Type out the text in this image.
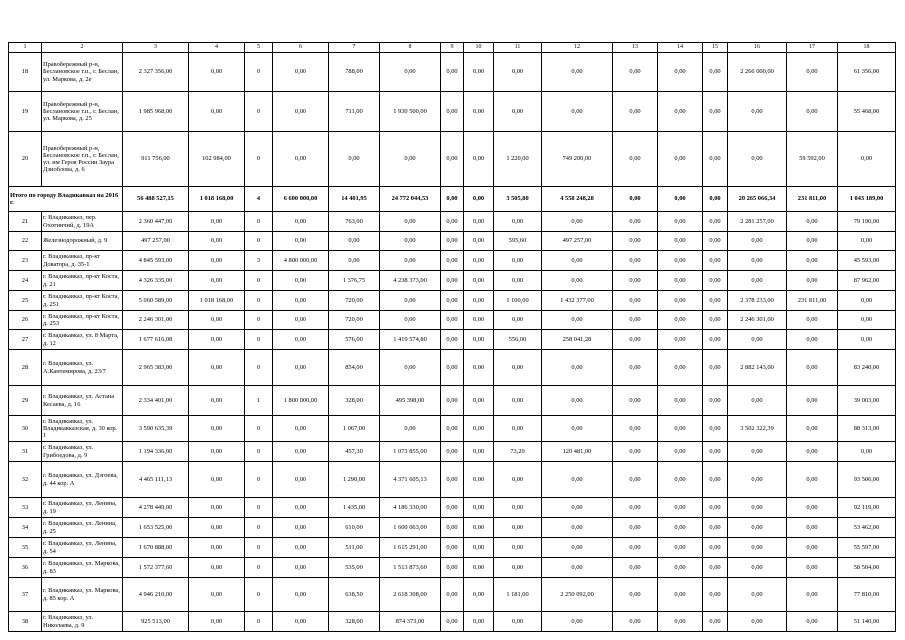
1	2	3	4	5	6	7	8	9	10	11	12	13	14	15	16	17	18
18	Правобережный р-н, Беслановское г.п., г. Беслан, ул. Маркова, д. 2е	2 327 356,00	0,00	0	0,00	788,00	0,00	0,00	0,00	0,00	0,00	0,00	0,00	0,00	2 266 000,00	0,00	61 356,00
19	Правобережный р-н, Беслановское г.п., г. Беслан, ул. Маркова, д. 25	1 985 968,00	0,00	0	0,00	711,00	1 930 500,00	0,00	0,00	0,00	0,00	0,00	0,00	0,00	0,00	0,00	55 468,00
20	Правобережный р-н, Беслановское г.п., г. Беслан, ул. им Героя России Заура Дзиоблова, д. 6	911 756,00	102 984,00	0	0,00	0,00	0,00	0,00	0,00	1 220,00	749 200,00	0,00	0,00	0,00	0,00	59 592,00	0,00
Итого по городу Владикавказ на 2016 г.		56 488 527,15	1 018 168,00	4	6 600 000,00	14 401,95	24 772 044,53	0,00	0,00	3 505,80	4 558 248,28	0,00	0,00	0,00	20 265 066,34	231 811,00	1 043 189,00
21	г. Владикавказ, пер. Охотничий, д. 19А	2 360 447,00	0,00	0	0,00	763,00	0,00	0,00	0,00	0,00	0,00	0,00	0,00	0,00	2 281 257,00	0,00	79 190,00
22	Железнодорожный, д. 9	497 257,00	0,00	0	0,00	0,00	0,00	0,00	0,00	595,60	497 257,00	0,00	0,00	0,00	0,00	0,00	0,00
23	г. Владикавказ, пр-кт Доватора, д. 35-1	4 845 593,00	0,00	3	4 800 000,00	0,00	0,00	0,00	0,00	0,00	0,00	0,00	0,00	0,00	0,00	0,00	45 593,00
24	г. Владикавказ, пр-кт Коста, д. 21	4 326 335,00	0,00	0	0,00	1 376,75	4 238 373,00	0,00	0,00	0,00	0,00	0,00	0,00	0,00	0,00	0,00	87 962,00
25	г. Владикавказ, пр-кт Коста, д. 251	5 060 589,00	1 018 168,00	0	0,00	720,00	0,00	0,00	0,00	1 100,00	1 432 377,00	0,00	0,00	0,00	2 378 233,00	231 811,00	0,00
26	г. Владикавказ, пр-кт Коста, д. 253	2 246 301,00	0,00	0	0,00	720,00	0,00	0,00	0,00	0,00	0,00	0,00	0,00	0,00	2 246 301,00	0,00	0,00
27	г. Владикавказ, ул. 8 Марта, д. 12	1 677 616,08	0,00	0	0,00	576,00	1 419 574,80	0,00	0,00	556,00	258 041,28	0,00	0,00	0,00	0,00	0,00	0,00
28	г. Владикавказ, ул. А.Кантемирова, д. 23/7	2 965 383,00	0,00	0	0,00	854,00	0,00	0,00	0,00	0,00	0,00	0,00	0,00	0,00	2 882 143,00	0,00	83 240,00
29	г. Владикавказ, ул. Астана Кесаева, д. 16	2 334 401,00	0,00	1	1 800 000,00	328,00	495 398,00	0,00	0,00	0,00	0,00	0,00	0,00	0,00	0,00	0,00	39 003,00
30	г. Владикавказ, ул. Владикавказская, д. 30 кор. 1	3 590 635,39	0,00	0	0,00	1 067,00	0,00	0,00	0,00	0,00	0,00	0,00	0,00	0,00	3 502 322,39	0,00	88 313,00
31	г. Владикавказ, ул. Грибоедова, д. 9	1 194 336,00	0,00	0	0,00	457,30	1 073 855,00	0,00	0,00	73,20	120 481,00	0,00	0,00	0,00	0,00	0,00	0,00
32	г. Владикавказ, ул. Дзгоева, д. 44 кор. А	4 465 111,13	0,00	0	0,00	1 290,00	4 371 605,13	0,00	0,00	0,00	0,00	0,00	0,00	0,00	0,00	0,00	93 506,00
33	г. Владикавказ, ул. Ленина, д. 19	4 278 449,00	0,00	0	0,00	1 435,00	4 186 330,00	0,00	0,00	0,00	0,00	0,00	0,00	0,00	0,00	0,00	92 119,00
34	г. Владикавказ, ул. Ленина, д. 25	1 653 525,00	0,00	0	0,00	610,00	1 600 063,00	0,00	0,00	0,00	0,00	0,00	0,00	0,00	0,00	0,00	53 462,00
35	г. Владикавказ, ул. Ленина, д. 54	1 670 888,00	0,00	0	0,00	511,00	1 615 291,00	0,00	0,00	0,00	0,00	0,00	0,00	0,00	0,00	0,00	55 597,00
36	г. Владикавказ, ул. Маркова, д. 83	1 572 377,60	0,00	0	0,00	535,00	1 513 873,60	0,00	0,00	0,00	0,00	0,00	0,00	0,00	0,00	0,00	58 504,00
37	г. Владикавказ, ул. Маркова, д. 85 кор. А	4 946 210,00	0,00	0	0,00	638,50	2 618 308,00	0,00	0,00	1 181,00	2 250 092,00	0,00	0,00	0,00	0,00	0,00	77 810,00
38	г. Владикавказ, ул. Николаева, д. 9	925 513,00	0,00	0	0,00	328,00	874 373,00	0,00	0,00	0,00	0,00	0,00	0,00	0,00	0,00	0,00	51 140,00
